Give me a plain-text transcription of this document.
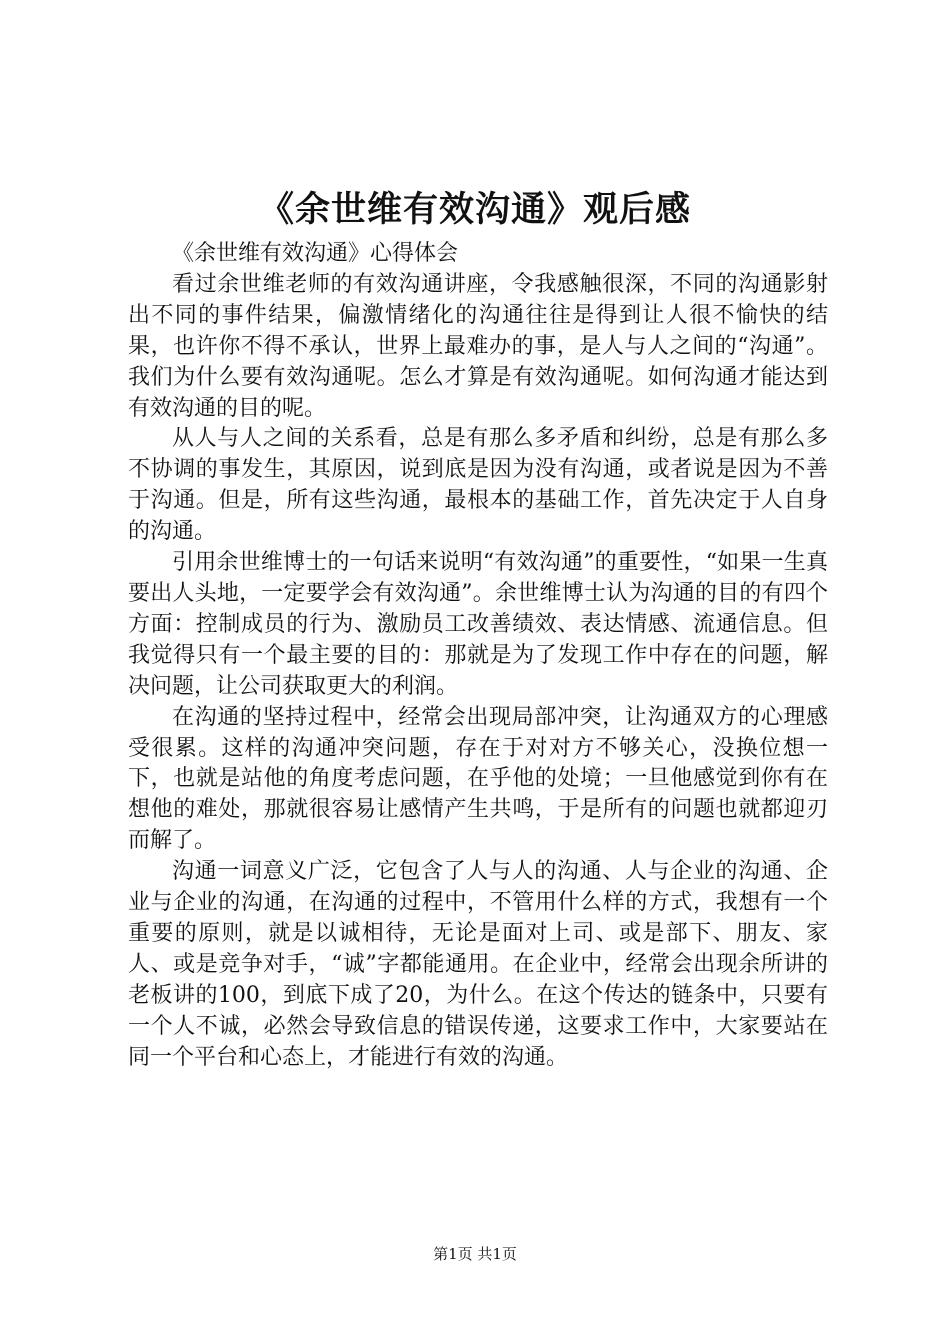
《余世维有效沟通》观后感

《余世维有效沟通》心得体会

看过余世维老师的有效沟通讲座，令我感触很深，不同的沟通影射出不同的事件结果，偏激情绪化的沟通往往是得到让人很不愉快的结果，也许你不得不承认，世界上最难办的事，是人与人之间的“沟通”。我们为什么要有效沟通呢。怎么才算是有效沟通呢。如何沟通才能达到有效沟通的目的呢。

从人与人之间的关系看，总是有那么多矛盾和纠纷，总是有那么多不协调的事发生，其原因，说到底是因为没有沟通，或者说是因为不善于沟通。但是，所有这些沟通，最根本的基础工作，首先决定于人自身的沟通。

引用余世维博士的一句话来说明“有效沟通”的重要性，“如果一生真要出人头地，一定要学会有效沟通”。余世维博士认为沟通的目的有四个方面：控制成员的行为、激励员工改善绩效、表达情感、流通信息。但我觉得只有一个最主要的目的：那就是为了发现工作中存在的问题，解决问题，让公司获取更大的利润。

在沟通的坚持过程中，经常会出现局部冲突，让沟通双方的心理感受很累。这样的沟通冲突问题，存在于对对方不够关心，没换位想一下，也就是站他的角度考虑问题，在乎他的处境；一旦他感觉到你有在想他的难处，那就很容易让感情产生共鸣，于是所有的问题也就都迎刃而解了。

沟通一词意义广泛，它包含了人与人的沟通、人与企业的沟通、企业与企业的沟通，在沟通的过程中，不管用什么样的方式，我想有一个重要的原则，就是以诚相待，无论是面对上司、或是部下、朋友、家人、或是竞争对手，“诚”字都能通用。在企业中，经常会出现余所讲的老板讲的100，到底下成了20，为什么。在这个传达的链条中，只要有一个人不诚，必然会导致信息的错误传递，这要求工作中，大家要站在同一个平台和心态上，才能进行有效的沟通。

第1页 共1页
